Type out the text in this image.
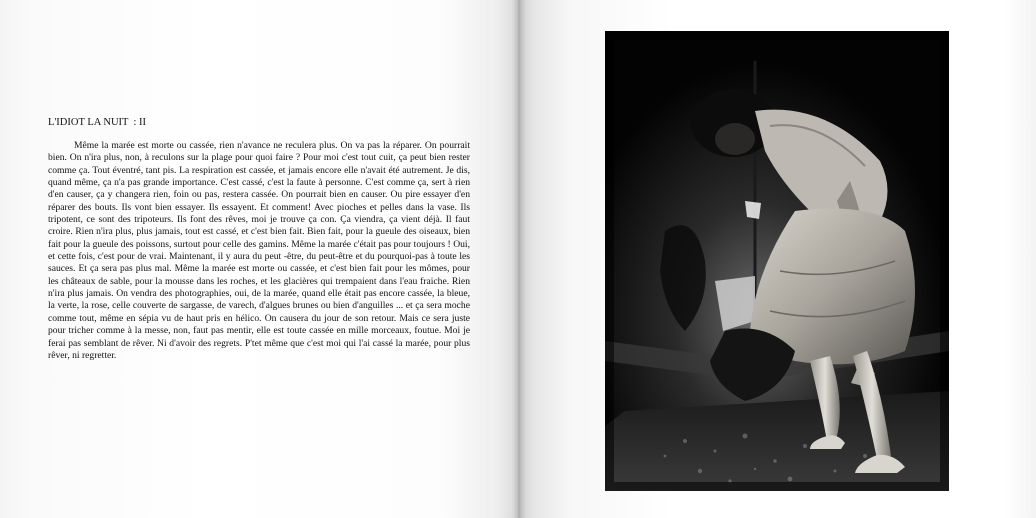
L'IDIOT LA NUIT  : II
Même la marée est morte ou cassée, rien n'avance ne reculera plus. On va pas la réparer. On pourrait bien. On n'ira plus, non, à reculons sur la plage pour quoi faire ? Pour moi c'est tout cuit, ça peut bien rester comme ça. Tout éventré, tant pis. La respiration est cassée, et jamais encore elle n'avait été autrement. Je dis, quand même, ça n'a pas grande importance. C'est cassé, c'est la faute à personne. C'est comme ça, sert à rien d'en causer, ça y changera rien, foin ou pas, restera cassée. On pourrait bien en causer. Ou pire essayer d'en réparer des bouts. Ils vont bien essayer. Ils essayent. Et comment! Avec pioches et pelles dans la vase. Ils tripotent, ce sont des tripoteurs. Ils font des rêves, moi je trouve ça con. Ça viendra, ça vient déjà. Il faut croire. Rien n'ira plus, plus jamais, tout est cassé, et c'est bien fait. Bien fait, pour la gueule des oiseaux, bien fait pour la gueule des poissons, surtout pour celle des gamins. Même la marée c'était pas pour toujours ! Oui, et cette fois, c'est pour de vrai. Maintenant, il y aura du peut -être, du peut-être et du pourquoi-pas à toute les sauces. Et ça sera pas plus mal. Même la marée est morte ou cassée, et c'est bien fait pour les mômes, pour les châteaux de sable, pour la mousse dans les roches, et les glacières qui trempaient dans l'eau fraiche. Rien n'ira plus jamais. On vendra des photographies, oui, de la marée, quand elle était pas encore cassée, la bleue, la verte, la rose, celle couverte de sargasse, de varech, d'algues brunes ou bien d'anguilles ... et ça sera moche comme tout, même en sépia vu de haut pris en hélico. On causera du jour de son retour. Mais ce sera juste pour tricher comme à la messe, non, faut pas mentir, elle est toute cassée en mille morceaux, foutue. Moi je ferai pas semblant de rêver. Ni d'avoir des regrets. P'tet même que c'est moi qui l'ai cassé la marée, pour plus rêver, ni regretter.
